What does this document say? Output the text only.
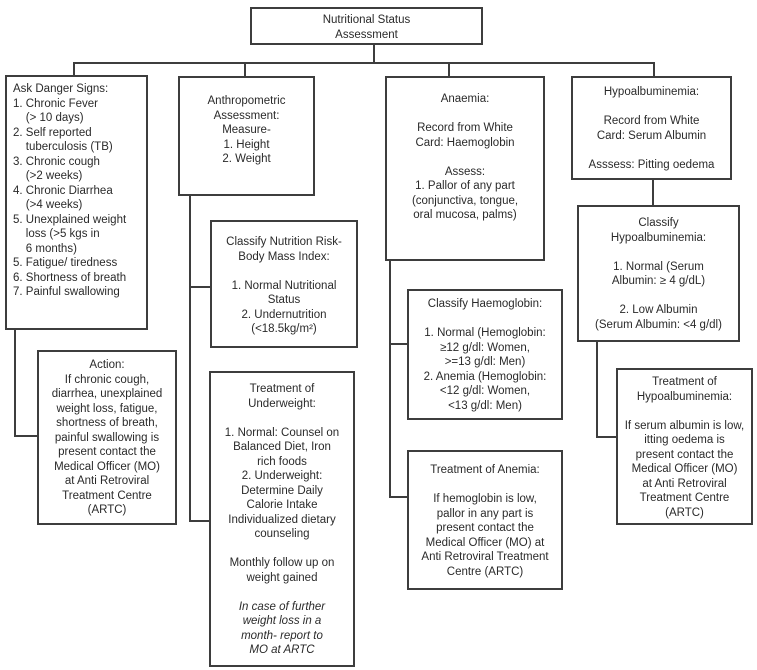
Nutritional Status
Assessment
Ask Danger Signs:
1. Chronic Fever
(> 10 days)
2. Self reported
tuberculosis (TB)
3. Chronic cough
(>2 weeks)
4. Chronic Diarrhea
(>4 weeks)
5. Unexplained weight
loss (>5 kgs in
6 months)
5. Fatigue/ tiredness
6. Shortness of breath
7. Painful swallowing
Action:
If chronic cough,
diarrhea, unexplained
weight loss, fatigue,
shortness of breath,
painful swallowing is
present contact the
Medical Officer (MO)
at Anti Retroviral
Treatment Centre
(ARTC)
Anthropometric
Assessment:
Measure-
1. Height
2. Weight
Classify Nutrition Risk-
Body Mass Index:

1. Normal Nutritional
Status
2. Undernutrition
(<18.5kg/m²)
Treatment of
Underweight:

1. Normal: Counsel on
Balanced Diet, Iron
rich foods
2. Underweight:
Determine Daily
Calorie Intake
Individualized dietary
counseling

Monthly follow up on
weight gained

In case of further
weight loss in a
month- report to
MO at ARTC
Anaemia:

Record from White
Card: Haemoglobin

Assess:
1. Pallor of any part
(conjunctiva, tongue,
oral mucosa, palms)
Classify Haemoglobin:

1. Normal (Hemoglobin:
≥12 g/dl: Women,
>=13 g/dl: Men)
2. Anemia (Hemoglobin:
<12 g/dl: Women,
<13 g/dl: Men)
Treatment of Anemia:

If hemoglobin is low,
pallor in any part is
present contact the
Medical Officer (MO) at
Anti Retroviral Treatment
Centre (ARTC)
Hypoalbuminemia:

Record from White
Card: Serum Albumin

Asssess: Pitting oedema
Classify
Hypoalbuminemia:

1. Normal (Serum
Albumin: ≥ 4 g/dL)

2. Low Albumin
(Serum Albumin: <4 g/dl)
Treatment of
Hypoalbuminemia:

If serum albumin is low,
itting oedema is
present contact the
Medical Officer (MO)
at Anti Retroviral
Treatment Centre
(ARTC)
